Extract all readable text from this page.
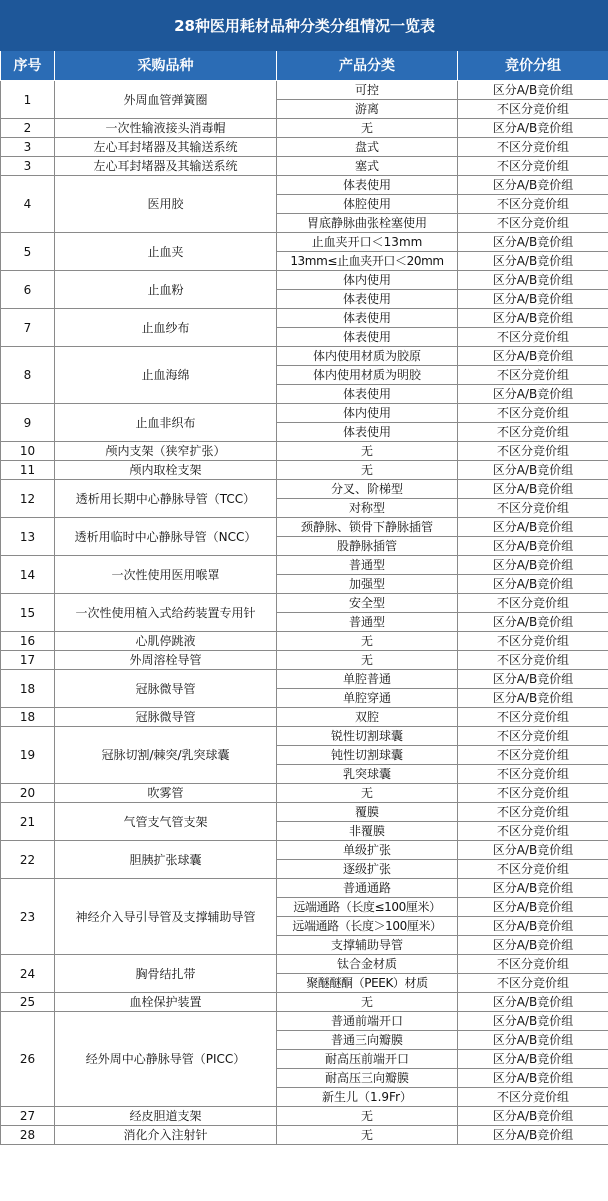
28种医用耗材品种分类分组情况一览表			
序号	采购品种	产品分类	竞价分组
1	外周血管弹簧圈	可控	区分A/B竞价组
		游离	不区分竞价组
2	一次性输液接头消毒帽	无	区分A/B竞价组
3	左心耳封堵器及其输送系统	盘式	不区分竞价组
3	左心耳封堵器及其输送系统	塞式	不区分竞价组
4	医用胶	体表使用	区分A/B竞价组
		体腔使用	不区分竞价组
		胃底静脉曲张栓塞使用	不区分竞价组
5	止血夹	止血夹开口＜13mm	区分A/B竞价组
		13mm≤止血夹开口＜20mm	区分A/B竞价组
6	止血粉	体内使用	区分A/B竞价组
		体表使用	区分A/B竞价组
7	止血纱布	体表使用	区分A/B竞价组
		体表使用	不区分竞价组
8	止血海绵	体内使用材质为胶原	区分A/B竞价组
		体内使用材质为明胶	不区分竞价组
		体表使用	区分A/B竞价组
9	止血非织布	体内使用	不区分竞价组
		体表使用	不区分竞价组
10	颅内支架（狭窄扩张）	无	不区分竞价组
11	颅内取栓支架	无	区分A/B竞价组
12	透析用长期中心静脉导管（TCC）	分叉、阶梯型	区分A/B竞价组
		对称型	不区分竞价组
13	透析用临时中心静脉导管（NCC）	颈静脉、锁骨下静脉插管	区分A/B竞价组
		股静脉插管	区分A/B竞价组
14	一次性使用医用喉罩	普通型	区分A/B竞价组
		加强型	区分A/B竞价组
15	一次性使用植入式给药装置专用针	安全型	不区分竞价组
		普通型	区分A/B竞价组
16	心肌停跳液	无	不区分竞价组
17	外周溶栓导管	无	不区分竞价组
18	冠脉微导管	单腔普通	区分A/B竞价组
		单腔穿通	区分A/B竞价组
18	冠脉微导管	双腔	不区分竞价组
19	冠脉切割/棘突/乳突球囊	锐性切割球囊	不区分竞价组
		钝性切割球囊	不区分竞价组
		乳突球囊	不区分竞价组
20	吹雾管	无	不区分竞价组
21	气管支气管支架	覆膜	不区分竞价组
		非覆膜	不区分竞价组
22	胆胰扩张球囊	单级扩张	区分A/B竞价组
		逐级扩张	不区分竞价组
23	神经介入导引导管及支撑辅助导管	普通通路	区分A/B竞价组
		远端通路（长度≤100厘米）	区分A/B竞价组
		远端通路（长度＞100厘米）	区分A/B竞价组
		支撑辅助导管	区分A/B竞价组
24	胸骨结扎带	钛合金材质	不区分竞价组
		聚醚醚酮（PEEK）材质	不区分竞价组
25	血栓保护装置	无	区分A/B竞价组
26	经外周中心静脉导管（PICC）	普通前端开口	区分A/B竞价组
		普通三向瓣膜	区分A/B竞价组
		耐高压前端开口	区分A/B竞价组
		耐高压三向瓣膜	区分A/B竞价组
		新生儿（1.9Fr）	不区分竞价组
27	经皮胆道支架	无	区分A/B竞价组
28	消化介入注射针	无	区分A/B竞价组
